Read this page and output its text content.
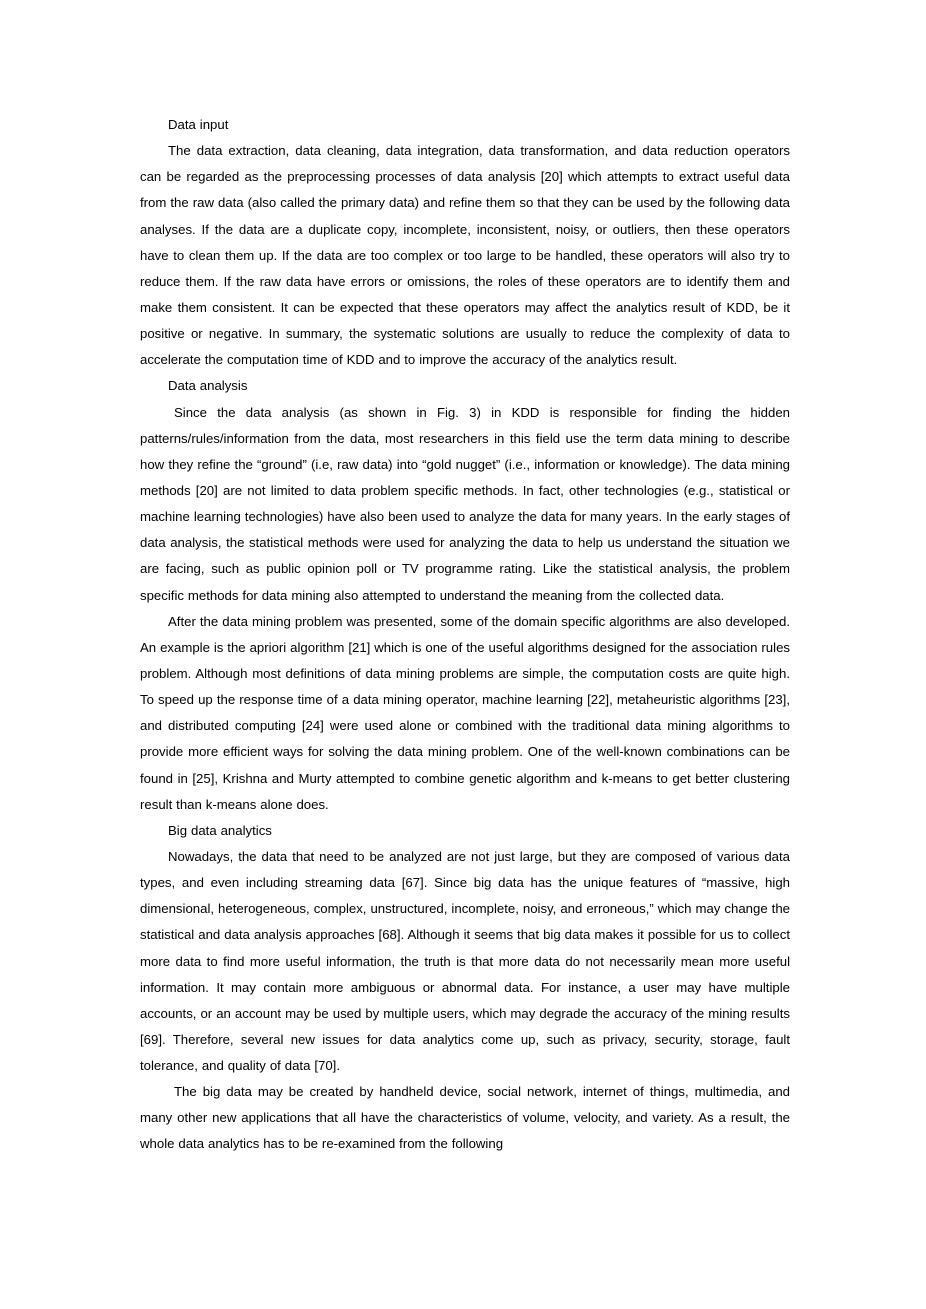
Data input

The data extraction, data cleaning, data integration, data transformation, and data reduction operators can be regarded as the preprocessing processes of data analysis [20] which attempts to extract useful data from the raw data (also called the primary data) and refine them so that they can be used by the following data analyses. If the data are a duplicate copy, incomplete, inconsistent, noisy, or outliers, then these operators have to clean them up. If the data are too complex or too large to be handled, these operators will also try to reduce them. If the raw data have errors or omissions, the roles of these operators are to identify them and make them consistent. It can be expected that these operators may affect the analytics result of KDD, be it positive or negative. In summary, the systematic solutions are usually to reduce the complexity of data to accelerate the computation time of KDD and to improve the accuracy of the analytics result.

Data analysis

Since the data analysis (as shown in Fig. 3) in KDD is responsible for finding the hidden patterns/rules/information from the data, most researchers in this field use the term data mining to describe how they refine the “ground” (i.e, raw data) into “gold nugget” (i.e., information or knowledge). The data mining methods [20] are not limited to data problem specific methods. In fact, other technologies (e.g., statistical or machine learning technologies) have also been used to analyze the data for many years. In the early stages of data analysis, the statistical methods were used for analyzing the data to help us understand the situation we are facing, such as public opinion poll or TV programme rating. Like the statistical analysis, the problem specific methods for data mining also attempted to understand the meaning from the collected data.

After the data mining problem was presented, some of the domain specific algorithms are also developed. An example is the apriori algorithm [21] which is one of the useful algorithms designed for the association rules problem. Although most definitions of data mining problems are simple, the computation costs are quite high. To speed up the response time of a data mining operator, machine learning [22], metaheuristic algorithms [23], and distributed computing [24] were used alone or combined with the traditional data mining algorithms to provide more efficient ways for solving the data mining problem. One of the well-known combinations can be found in [25], Krishna and Murty attempted to combine genetic algorithm and k-means to get better clustering result than k-means alone does.

Big data analytics

Nowadays, the data that need to be analyzed are not just large, but they are composed of various data types, and even including streaming data [67]. Since big data has the unique features of “massive, high dimensional, heterogeneous, complex, unstructured, incomplete, noisy, and erroneous,” which may change the statistical and data analysis approaches [68]. Although it seems that big data makes it possible for us to collect more data to find more useful information, the truth is that more data do not necessarily mean more useful information. It may contain more ambiguous or abnormal data. For instance, a user may have multiple accounts, or an account may be used by multiple users, which may degrade the accuracy of the mining results [69]. Therefore, several new issues for data analytics come up, such as privacy, security, storage, fault tolerance, and quality of data [70].

The big data may be created by handheld device, social network, internet of things, multimedia, and many other new applications that all have the characteristics of volume, velocity, and variety. As a result, the whole data analytics has to be re-examined from the following
